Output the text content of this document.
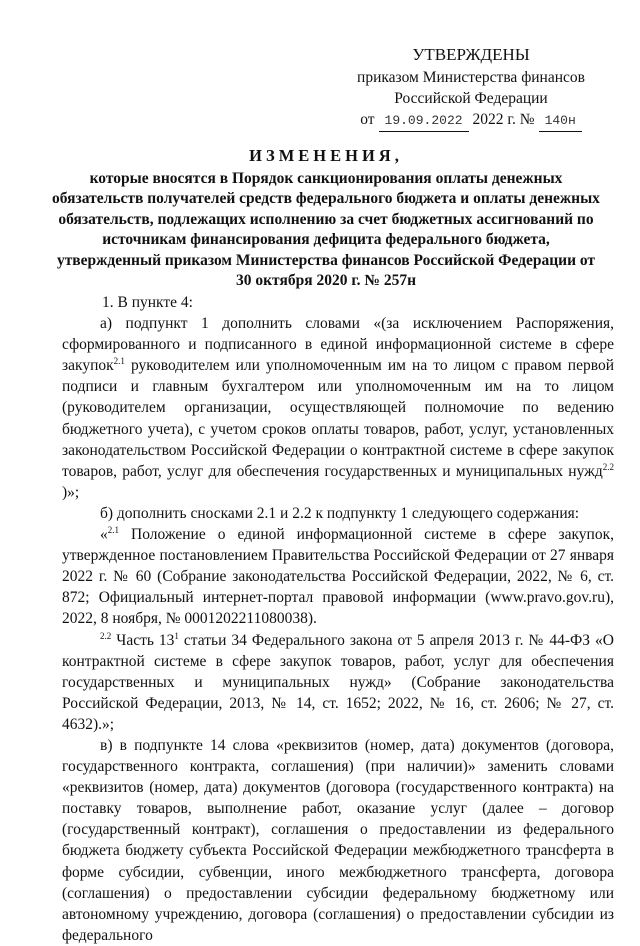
УТВЕРЖДЕНЫ
приказом Министерства финансов
Российской Федерации
от 19.09.2022 2022 г. № 140н
ИЗМЕНЕНИЯ,
которые вносятся в Порядок санкционирования оплаты денежных обязательств получателей средств федерального бюджета и оплаты денежных обязательств, подлежащих исполнению за счет бюджетных ассигнований по источникам финансирования дефицита федерального бюджета, утвержденный приказом Министерства финансов Российской Федерации от 30 октября 2020 г. № 257н

1. В пункте 4:

а) подпункт 1 дополнить словами «(за исключением Распоряжения, сформированного и подписанного в единой информационной системе в сфере закупок$^{2.1}$ руководителем или уполномоченным им на то лицом с правом первой подписи и главным бухгалтером или уполномоченным им на то лицом (руководителем организации, осуществляющей полномочие по ведению бюджетного учета), с учетом сроков оплаты товаров, работ, услуг, установленных законодательством Российской Федерации о контрактной системе в сфере закупок товаров, работ, услуг для обеспечения государственных и муниципальных нужд$^{2.2}$ )»;

б) дополнить сносками 2.1 и 2.2 к подпункту 1 следующего содержания:

«$^{2.1}$ Положение о единой информационной системе в сфере закупок, утвержденное постановлением Правительства Российской Федерации от 27 января 2022 г. № 60 (Собрание законодательства Российской Федерации, 2022, № 6, ст. 872; Официальный интернет-портал правовой информации (www.pravo.gov.ru), 2022, 8 ноября, № 0001202211080038).

$^{2.2}$ Часть $13^1$ статьи 34 Федерального закона от 5 апреля 2013 г. № 44-ФЗ «О контрактной системе в сфере закупок товаров, работ, услуг для обеспечения государственных и муниципальных нужд» (Собрание законодательства Российской Федерации, 2013, № 14, ст. 1652; 2022, № 16, ст. 2606; № 27, ст. 4632).»;

в) в подпункте 14 слова «реквизитов (номер, дата) документов (договора, государственного контракта, соглашения) (при наличии)» заменить словами «реквизитов (номер, дата) документов (договора (государственного контракта) на поставку товаров, выполнение работ, оказание услуг (далее – договор (государственный контракт), соглашения о предоставлении из федерального бюджета бюджету субъекта Российской Федерации межбюджетного трансферта в форме субсидии, субвенции, иного межбюджетного трансферта, договора (соглашения) о предоставлении субсидии федеральному бюджетному или автономному учреждению, договора (соглашения) о предоставлении субсидии из федерального
